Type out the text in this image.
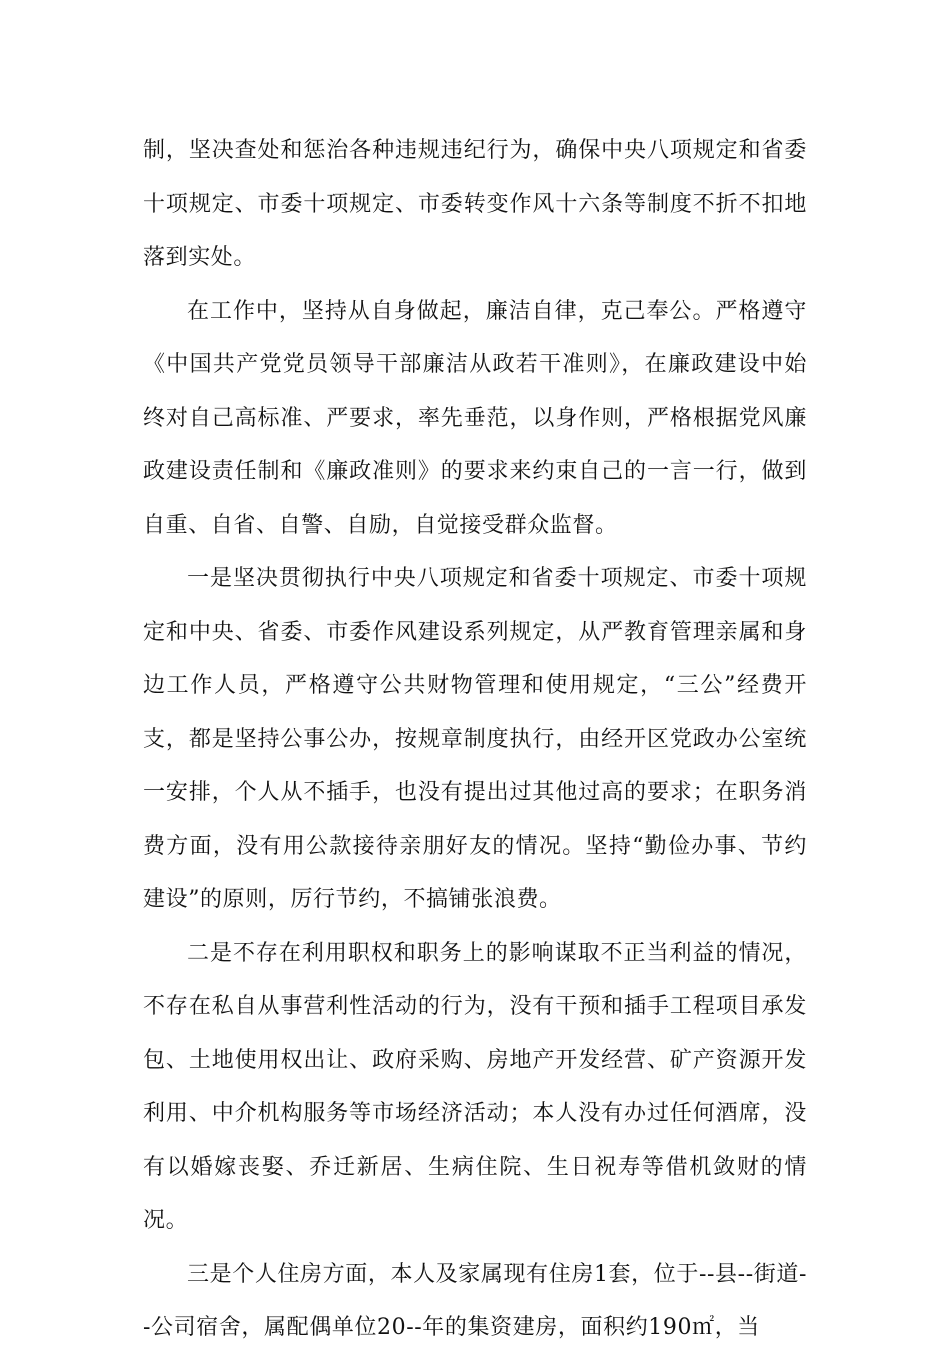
制，坚决查处和惩治各种违规违纪行为，确保中央八项规定和省委十项规定、市委十项规定、市委转变作风十六条等制度不折不扣地落到实处。

在工作中，坚持从自身做起，廉洁自律，克己奉公。严格遵守《中国共产党党员领导干部廉洁从政若干准则》，在廉政建设中始终对自己高标准、严要求，率先垂范，以身作则，严格根据党风廉政建设责任制和《廉政准则》的要求来约束自己的一言一行，做到自重、自省、自警、自励，自觉接受群众监督。

一是坚决贯彻执行中央八项规定和省委十项规定、市委十项规定和中央、省委、市委作风建设系列规定，从严教育管理亲属和身边工作人员，严格遵守公共财物管理和使用规定，“三公”经费开支，都是坚持公事公办，按规章制度执行，由经开区党政办公室统一安排，个人从不插手，也没有提出过其他过高的要求；在职务消费方面，没有用公款接待亲朋好友的情况。坚持“勤俭办事、节约建设”的原则，厉行节约，不搞铺张浪费。

二是不存在利用职权和职务上的影响谋取不正当利益的情况，不存在私自从事营利性活动的行为，没有干预和插手工程项目承发包、土地使用权出让、政府采购、房地产开发经营、矿产资源开发利用、中介机构服务等市场经济活动；本人没有办过任何酒席，没有以婚嫁丧娶、乔迁新居、生病住院、生日祝寿等借机敛财的情况。

三是个人住房方面，本人及家属现有住房1套，位于--县--街道--公司宿舍，属配偶单位20--年的集资建房，面积约190㎡，当
